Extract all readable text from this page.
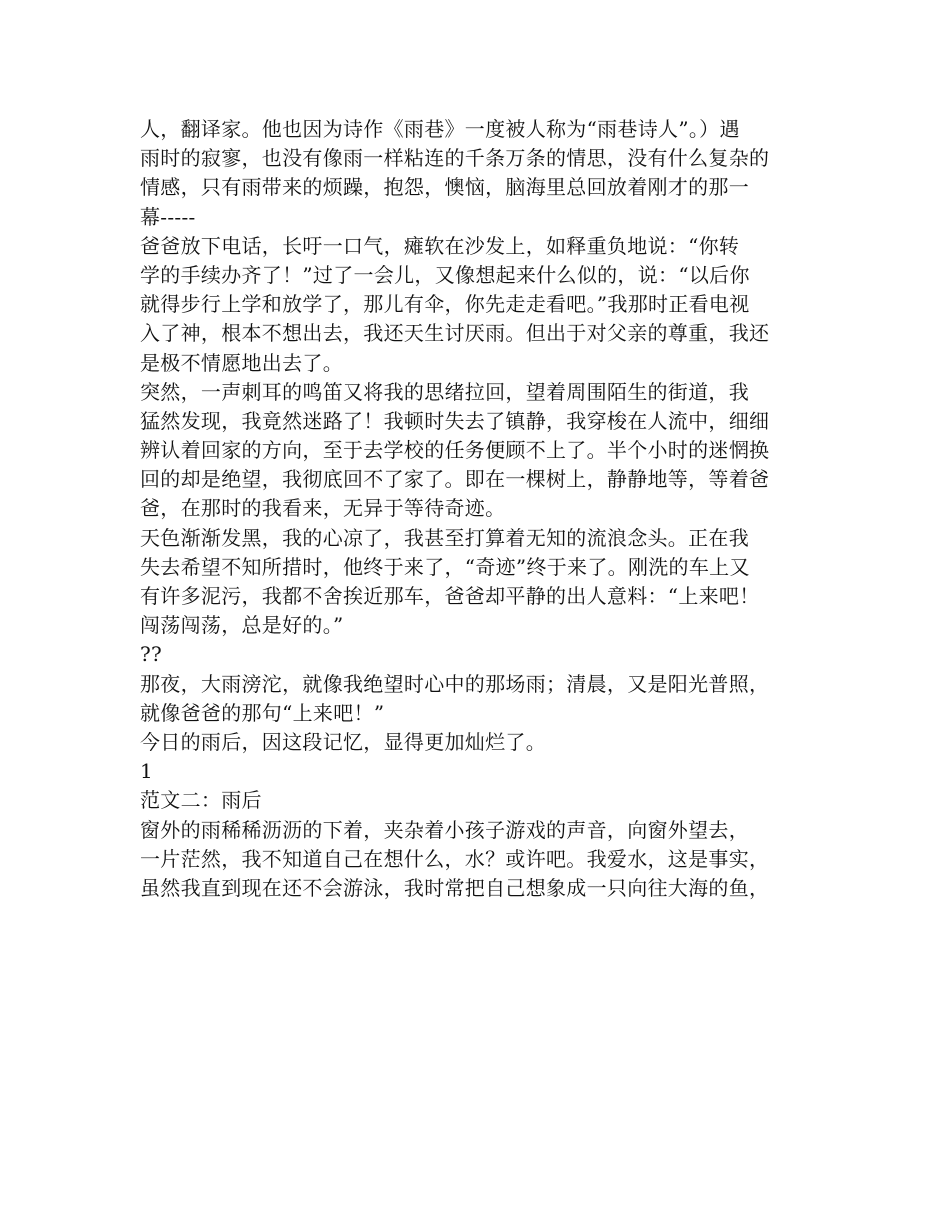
人，翻译家。他也因为诗作《雨巷》一度被人称为“雨巷诗人”。）遇
雨时的寂寥，也没有像雨一样粘连的千条万条的情思，没有什么复杂的
情感，只有雨带来的烦躁，抱怨，懊恼，脑海里总回放着刚才的那一
幕-----
爸爸放下电话，长吁一口气，瘫软在沙发上，如释重负地说：“你转
学的手续办齐了！”过了一会儿，又像想起来什么似的，说：“以后你
就得步行上学和放学了，那儿有伞，你先走走看吧。”我那时正看电视
入了神，根本不想出去，我还天生讨厌雨。但出于对父亲的尊重，我还
是极不情愿地出去了。
突然，一声刺耳的鸣笛又将我的思绪拉回，望着周围陌生的街道，我
猛然发现，我竟然迷路了！我顿时失去了镇静，我穿梭在人流中，细细
辨认着回家的方向，至于去学校的任务便顾不上了。半个小时的迷惘换
回的却是绝望，我彻底回不了家了。即在一棵树上，静静地等，等着爸
爸，在那时的我看来，无异于等待奇迹。
天色渐渐发黑，我的心凉了，我甚至打算着无知的流浪念头。正在我
失去希望不知所措时，他终于来了，“奇迹”终于来了。刚洗的车上又
有许多泥污，我都不舍挨近那车，爸爸却平静的出人意料：“上来吧！
闯荡闯荡，总是好的。”
??
那夜，大雨滂沱，就像我绝望时心中的那场雨；清晨，又是阳光普照，
就像爸爸的那句“上来吧！”
今日的雨后，因这段记忆，显得更加灿烂了。
1
范文二：雨后
窗外的雨稀稀沥沥的下着，夹杂着小孩子游戏的声音，向窗外望去，
一片茫然，我不知道自己在想什么，水？或许吧。我爱水，这是事实，
虽然我直到现在还不会游泳，我时常把自己想象成一只向往大海的鱼，
